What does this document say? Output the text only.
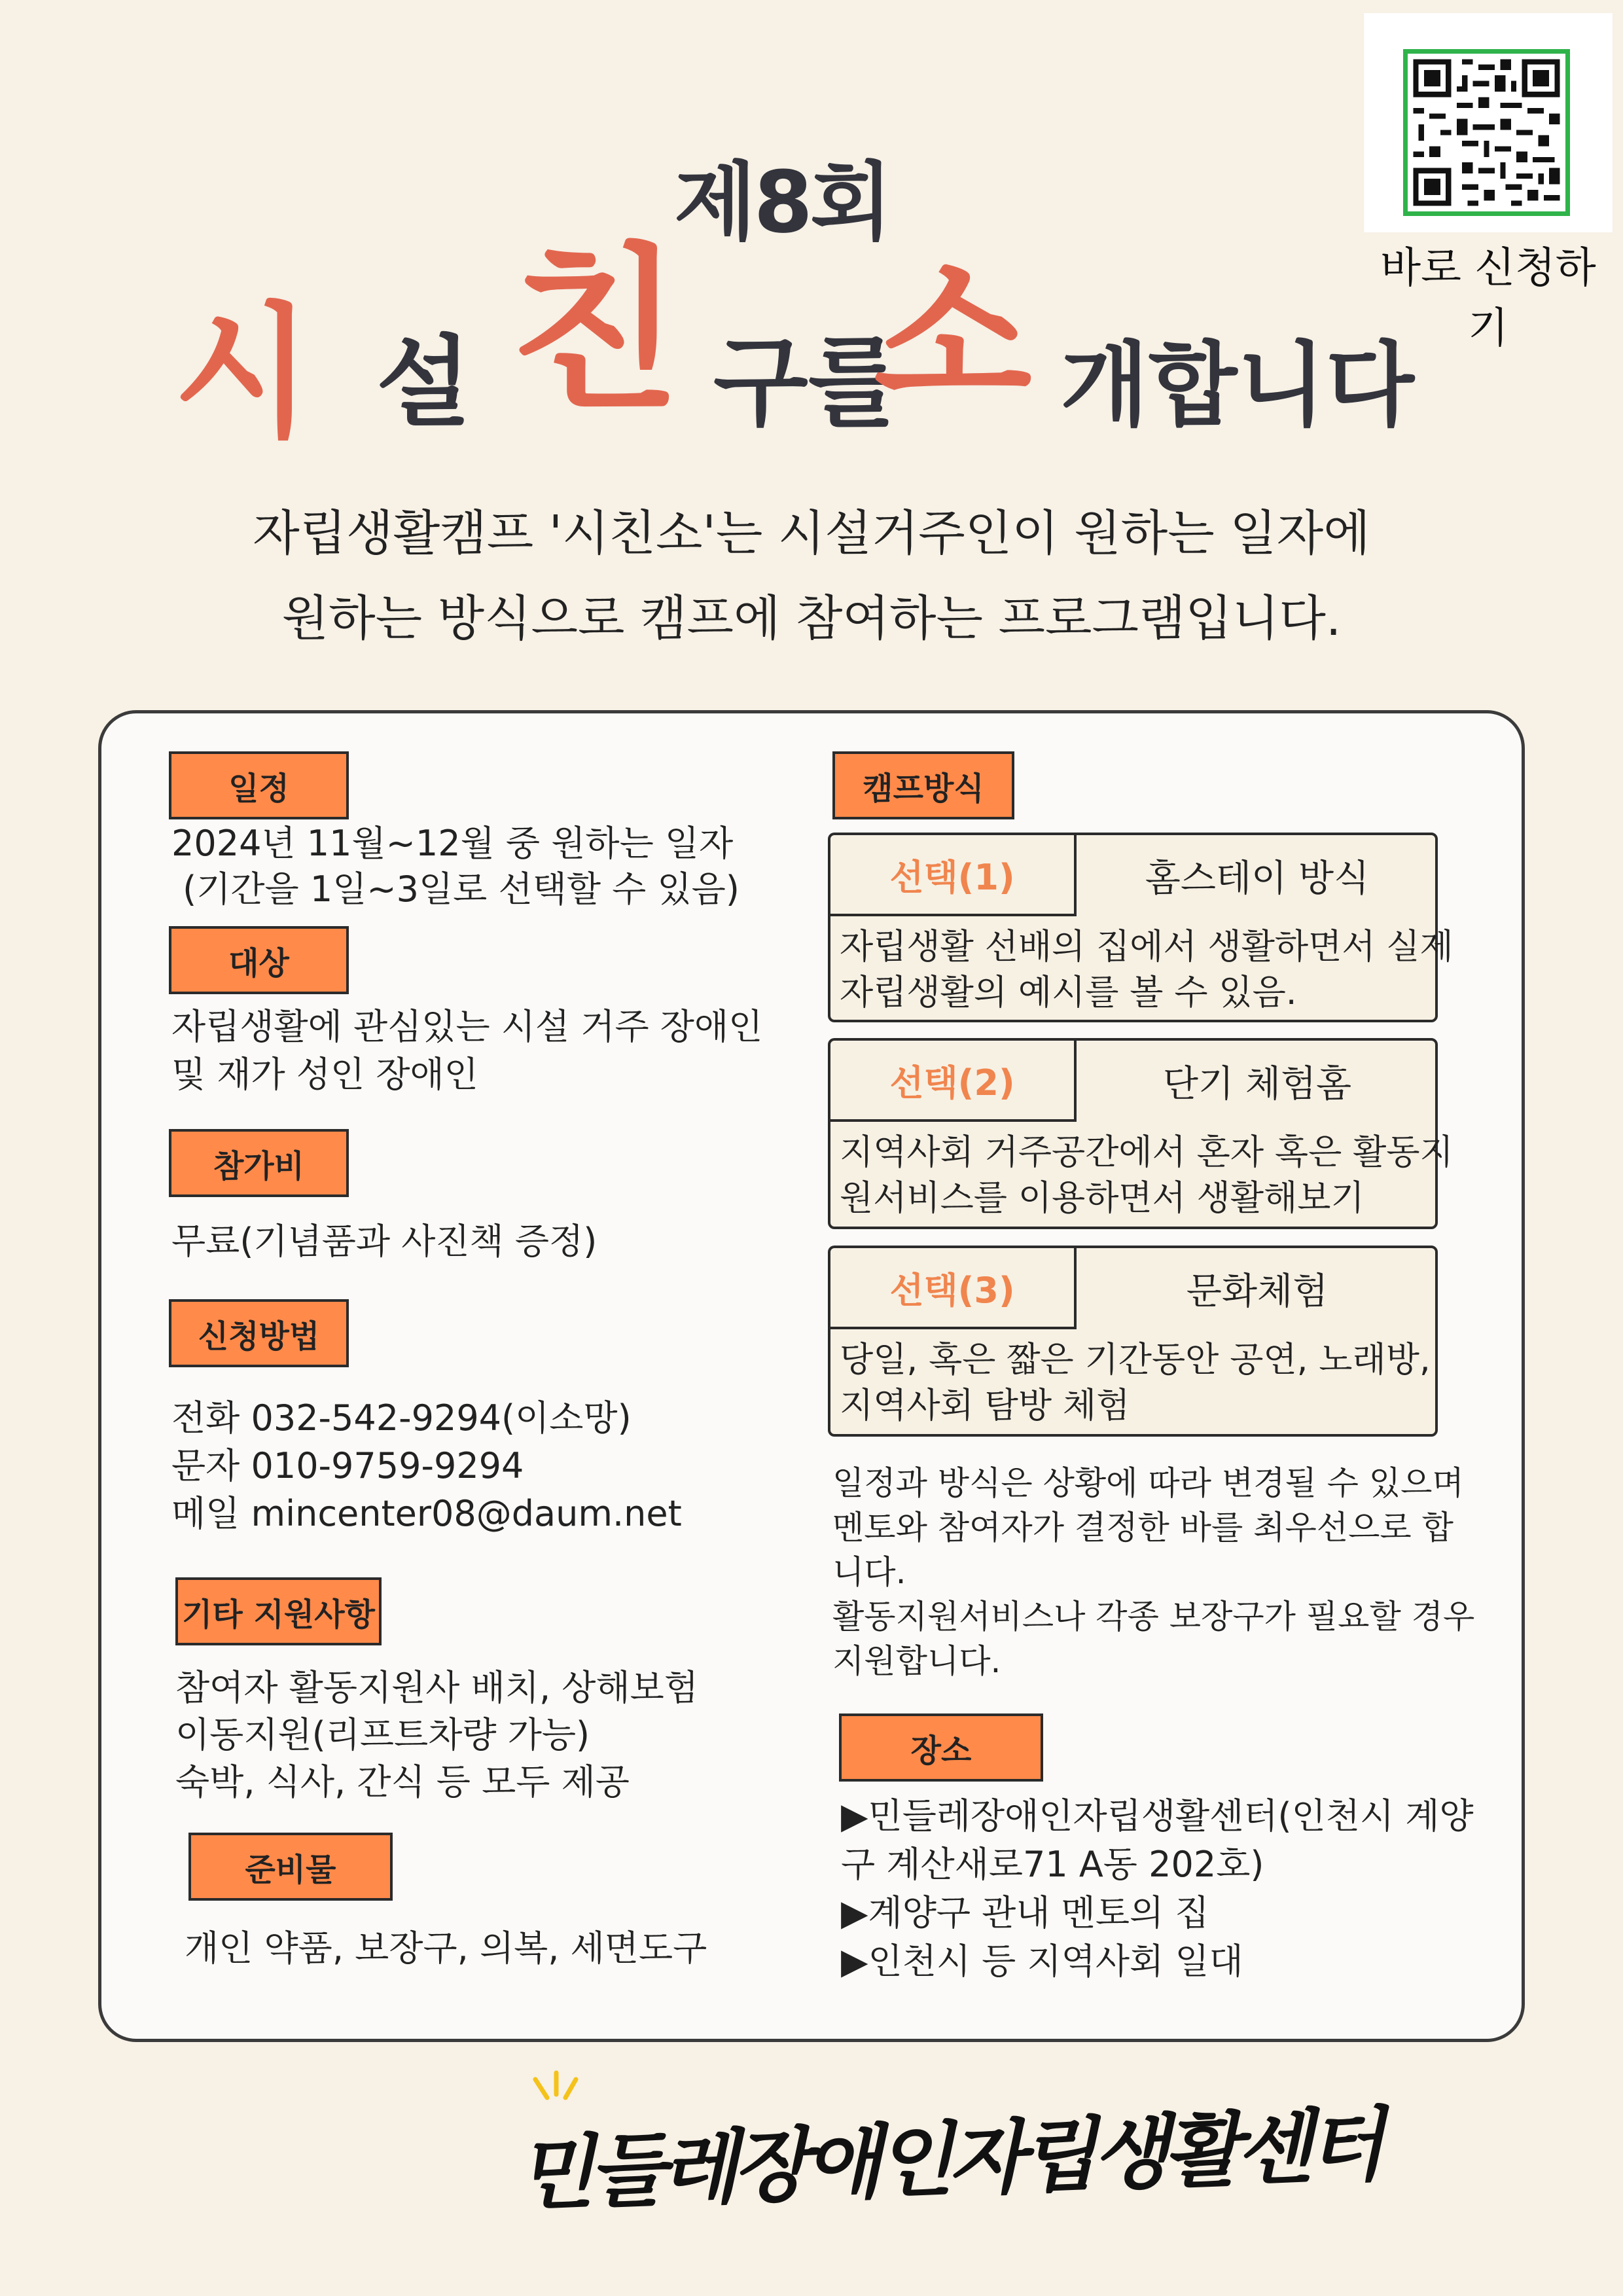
바로 신청하기
제8회
시 설 친 구를
소 개합니다
자립생활캠프 '시친소'는 시설거주인이 원하는 일자에
원하는 방식으로 캠프에 참여하는 프로그램입니다.
일정
2024년 11월~12월 중 원하는 일자
(기간을 1일~3일로 선택할 수 있음)
대상
자립생활에 관심있는 시설 거주 장애인
및 재가 성인 장애인
참가비
무료(기념품과 사진책 증정)
신청방법
전화 032-542-9294(이소망)
문자 010-9759-9294
메일 mincenter08@daum.net
기타 지원사항
참여자 활동지원사 배치, 상해보험
이동지원(리프트차량 가능)
숙박, 식사, 간식 등 모두 제공
준비물
개인 약품, 보장구, 의복, 세면도구
캠프방식
선택(1)	홈스테이 방식
자립생활 선배의 집에서 생활하면서 실제
자립생활의 예시를 볼 수 있음.
선택(2)	단기 체험홈
지역사회 거주공간에서 혼자 혹은 활동지
원서비스를 이용하면서 생활해보기
선택(3)	문화체험
당일, 혹은 짧은 기간동안 공연, 노래방,
지역사회 탐방 체험
일정과 방식은 상황에 따라 변경될 수 있으며
멘토와 참여자가 결정한 바를 최우선으로 합
니다.
활동지원서비스나 각종 보장구가 필요할 경우
지원합니다.
장소
▶민들레장애인자립생활센터(인천시 계양
구 계산새로71 A동 202호)
▶계양구 관내 멘토의 집
▶인천시 등 지역사회 일대
민들레장애인자립생활센터
